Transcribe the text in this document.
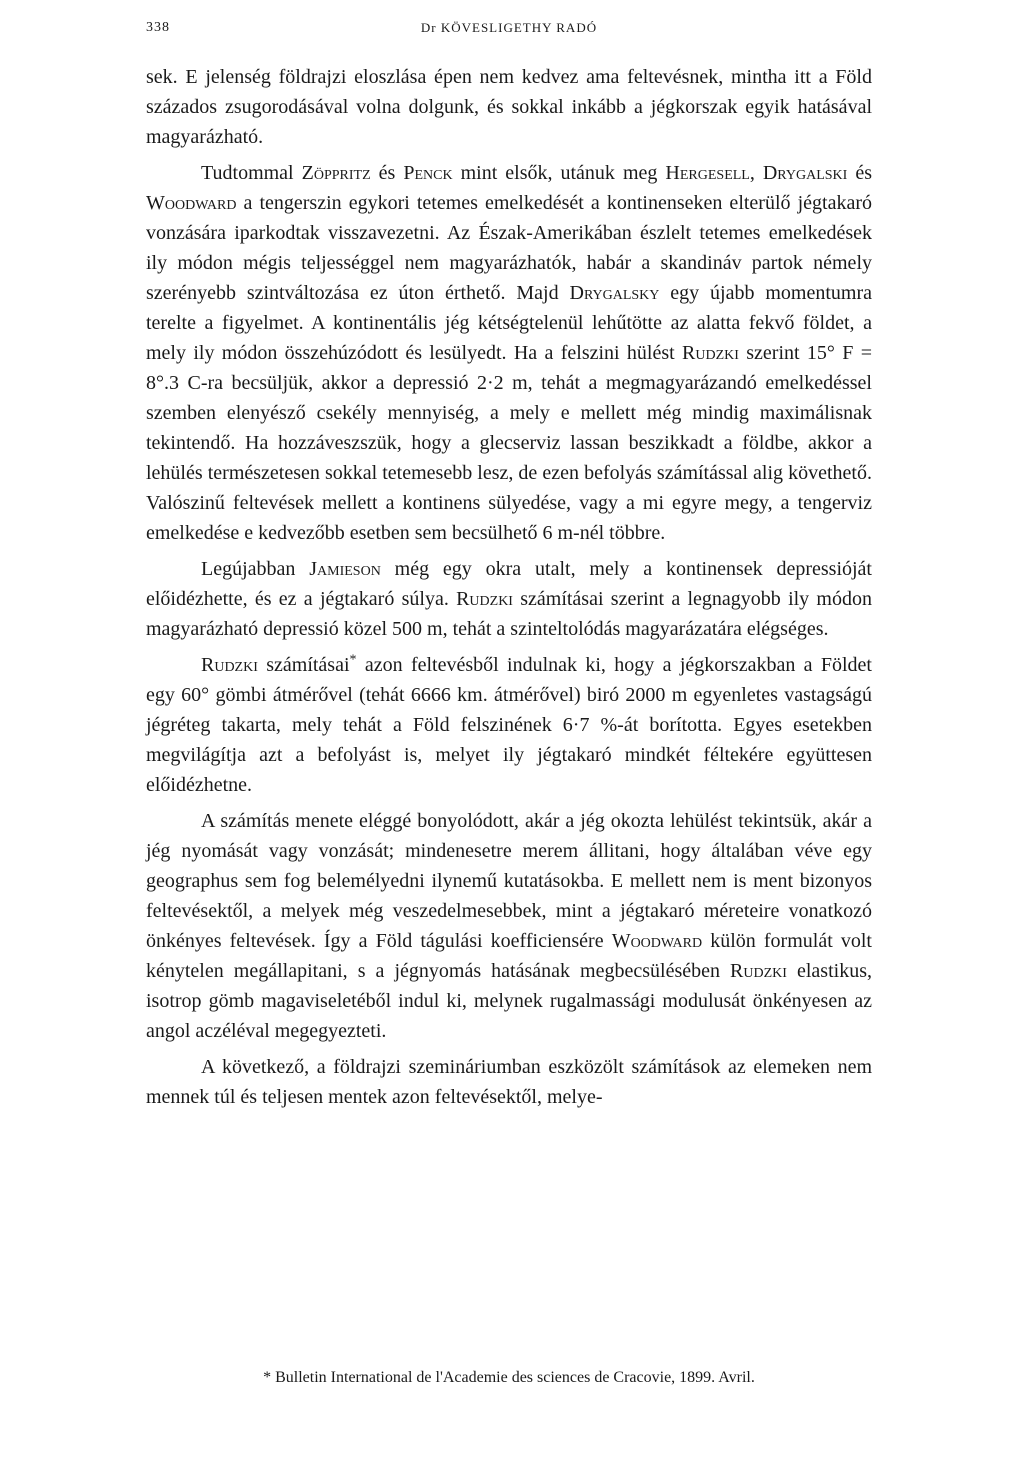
338	Dr KÖVESLIGETHY RADÓ

sek. E jelenség földrajzi eloszlása épen nem kedvez ama feltevésnek, mintha itt a Föld százados zsugorodásával volna dolgunk, és sokkal inkább a jégkorszak egyik hatásával magyarázható.

Tudtommal Zöppritz és Penck mint elsők, utánuk meg Hergesell, Drygalski és Woodward a tengerszin egykori tetemes emelkedését a kontinenseken elterülő jégtakaró vonzására iparkodtak visszavezetni. Az Észak-Amerikában észlelt tetemes emelkedések ily módon mégis teljességgel nem magyarázhatók, habár a skandináv partok némely szerényebb szintváltozása ez úton érthető. Majd Drygalsky egy újabb momentumra terelte a figyelmet. A kontinentális jég kétségtelenül lehűtötte az alatta fekvő földet, a mely ily módon összehúzódott és lesülyedt. Ha a felszini hülést Rudzki szerint 15° F = 8°.3 C-ra becsüljük, akkor a depressió 2·2 m, tehát a megmagyarázandó emelkedéssel szemben elenyésző csekély mennyiség, a mely e mellett még mindig maximálisnak tekintendő. Ha hozzáveszszük, hogy a glecserviz lassan beszikkadt a földbe, akkor a lehülés természetesen sokkal tetemesebb lesz, de ezen befolyás számítással alig követhető. Valószinű feltevések mellett a kontinens sülyedése, vagy a mi egyre megy, a tengerviz emelkedése e kedvezőbb esetben sem becsülhető 6 m-nél többre.

Legújabban Jamieson még egy okra utalt, mely a kontinensek depressióját előidézhette, és ez a jégtakaró súlya. Rudzki számításai szerint a legnagyobb ily módon magyarázható depressió közel 500 m, tehát a szinteltolódás magyarázatára elégséges.

Rudzki számításai* azon feltevésből indulnak ki, hogy a jégkorszakban a Földet egy 60° gömbi átmérővel (tehát 6666 km. átmérővel) biró 2000 m egyenletes vastagságú jégréteg takarta, mely tehát a Föld felszinének 6·7 %-át borította. Egyes esetekben megvilágítja azt a befolyást is, melyet ily jégtakaró mindkét féltekére együttesen előidézhetne.

A számítás menete eléggé bonyolódott, akár a jég okozta lehülést tekintsük, akár a jég nyomását vagy vonzását; mindenesetre merem állitani, hogy általában véve egy geographus sem fog belemélyedni ilynemű kutatásokba. E mellett nem is ment bizonyos feltevésektől, a melyek még veszedelmesebbek, mint a jégtakaró méreteire vonatkozó önkényes feltevések. Így a Föld tágulási koefficiensére Woodward külön formulát volt kénytelen megállapitani, s a jégnyomás hatásának megbecsülésében Rudzki elastikus, isotrop gömb magaviseletéből indul ki, melynek rugalmassági modulusát önkényesen az angol aczéléval megegyezteti.

A következő, a földrajzi szemináriumban eszközölt számítások az elemeken nem mennek túl és teljesen mentek azon feltevésektől, melye-

* Bulletin International de l'Academie des sciences de Cracovie, 1899. Avril.
